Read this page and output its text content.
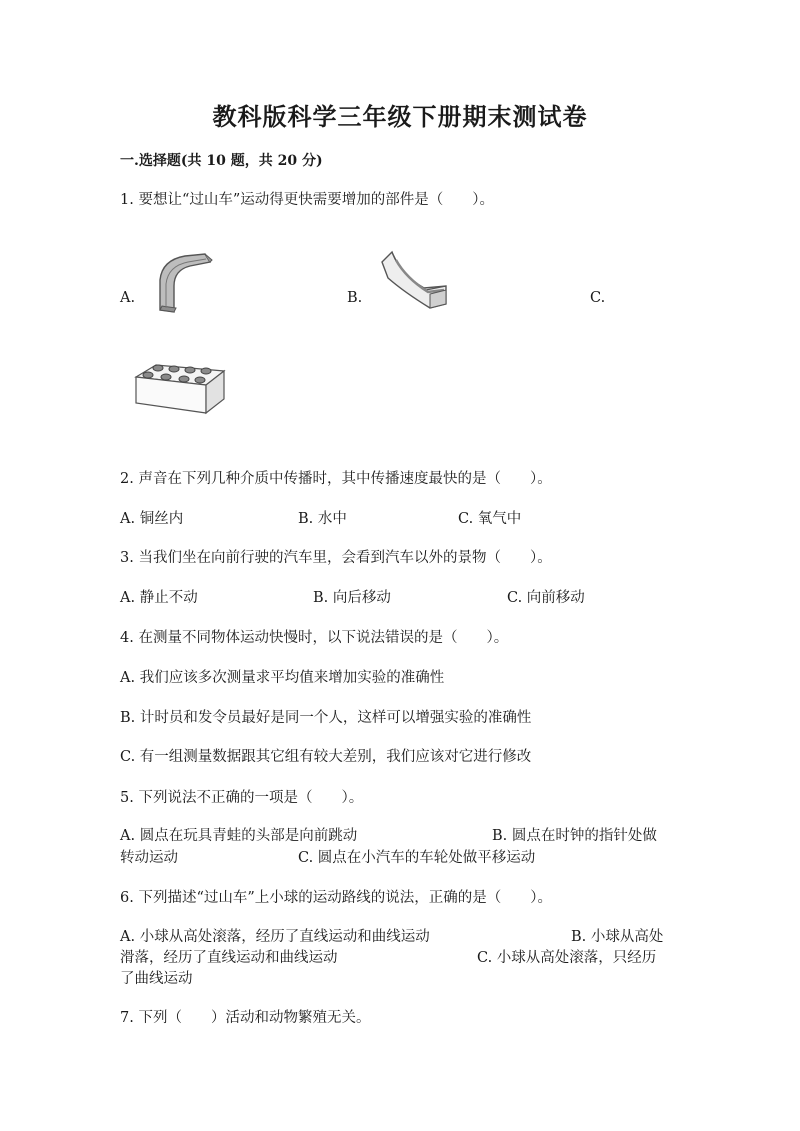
教科版科学三年级下册期末测试卷
一.选择题(共 10 题，共 20 分)
1. 要想让“过山车”运动得更快需要增加的部件是（　　）。
A.	B.	C.
2. 声音在下列几种介质中传播时，其中传播速度最快的是（　　）。
A. 铜丝内	B. 水中	C. 氧气中
3. 当我们坐在向前行驶的汽车里，会看到汽车以外的景物（　　）。
A. 静止不动	B. 向后移动	C. 向前移动
4. 在测量不同物体运动快慢时，以下说法错误的是（　　）。
A. 我们应该多次测量求平均值来增加实验的准确性
B. 计时员和发令员最好是同一个人，这样可以增强实验的准确性
C. 有一组测量数据跟其它组有较大差别，我们应该对它进行修改
5. 下列说法不正确的一项是（　　）。
A. 圆点在玩具青蛙的头部是向前跳动	B. 圆点在时钟的指针处做
转动运动	C. 圆点在小汽车的车轮处做平移运动
6. 下列描述“过山车”上小球的运动路线的说法，正确的是（　　）。
A. 小球从高处滚落，经历了直线运动和曲线运动	B. 小球从高处
滑落，经历了直线运动和曲线运动	C. 小球从高处滚落，只经历
了曲线运动
7. 下列（　　）活动和动物繁殖无关。
